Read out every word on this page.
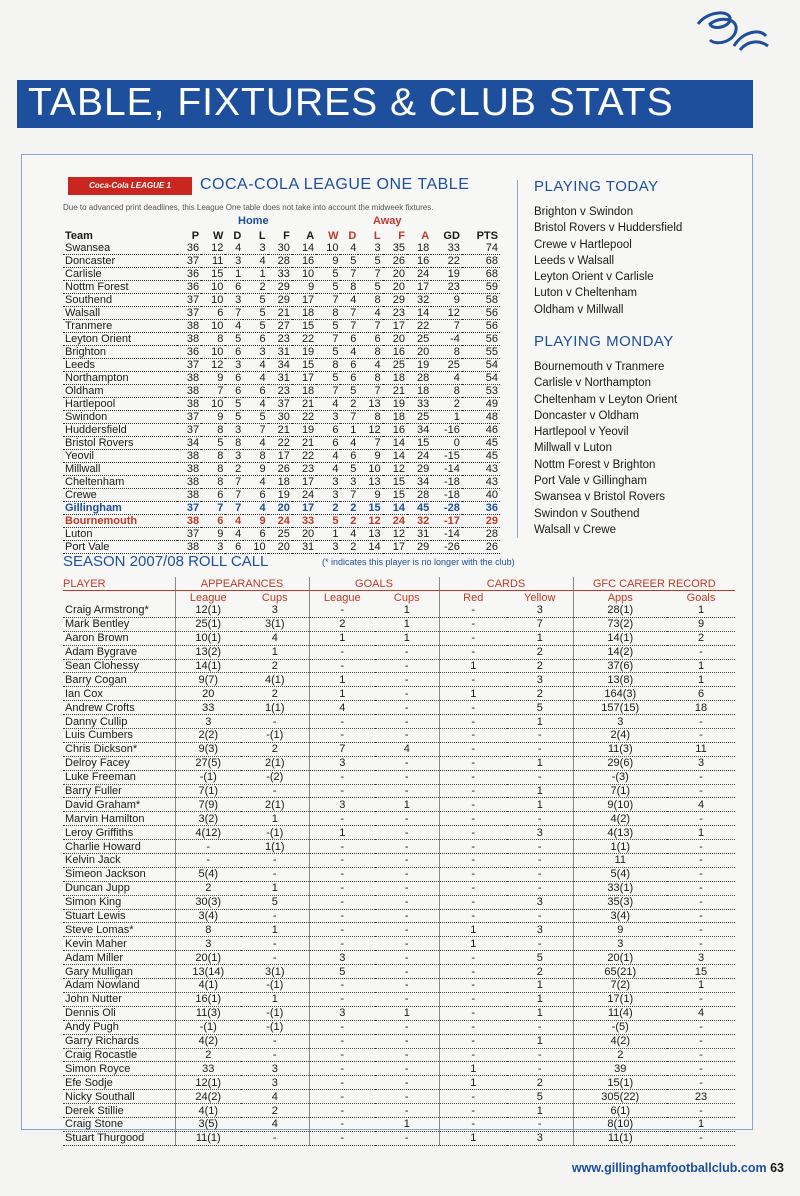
TABLE, FIXTURES & CLUB STATS
Coca-Cola LEAGUE 1	COCA-COLA LEAGUE ONE TABLE
Due to advanced print deadlines, this League One table does not take into account the midweek fixtures.
Home	Away
Team	P	W	D	L	F	A	W	D	L	F	A	GD	PTS
Swansea	36	12	4	3	30	14	10	4	3	35	18	33	74
Doncaster	37	11	3	4	28	16	9	5	5	26	16	22	68
Carlisle	36	15	1	1	33	10	5	7	7	20	24	19	68
Nottm Forest	36	10	6	2	29	9	5	8	5	20	17	23	59
Southend	37	10	3	5	29	17	7	4	8	29	32	9	58
Walsall	37	6	7	5	21	18	8	7	4	23	14	12	56
Tranmere	38	10	4	5	27	15	5	7	7	17	22	7	56
Leyton Orient	38	8	5	6	23	22	7	6	6	20	25	-4	56
Brighton	36	10	6	3	31	19	5	4	8	16	20	8	55
Leeds	37	12	3	4	34	15	8	6	4	25	19	25	54
Northampton	38	9	6	4	31	17	5	6	8	18	28	4	54
Oldham	38	7	6	6	23	18	7	5	7	21	18	8	53
Hartlepool	38	10	5	4	37	21	4	2	13	19	33	2	49
Swindon	37	9	5	5	30	22	3	7	8	18	25	1	48
Huddersfield	37	8	3	7	21	19	6	1	12	16	34	-16	46
Bristol Rovers	34	5	8	4	22	21	6	4	7	14	15	0	45
Yeovil	38	8	3	8	17	22	4	6	9	14	24	-15	45
Millwall	38	8	2	9	26	23	4	5	10	12	29	-14	43
Cheltenham	38	8	7	4	18	17	3	3	13	15	34	-18	43
Crewe	38	6	7	6	19	24	3	7	9	15	28	-18	40
Gillingham	37	7	7	4	20	17	2	2	15	14	45	-28	36
Bournemouth	38	6	4	9	24	33	5	2	12	24	32	-17	29
Luton	37	9	4	6	25	20	1	4	13	12	31	-14	28
Port Vale	38	3	6	10	20	31	3	2	14	17	29	-26	26
PLAYING TODAY
Brighton v Swindon
Bristol Rovers v Huddersfield
Crewe v Hartlepool
Leeds v Walsall
Leyton Orient v Carlisle
Luton v Cheltenham
Oldham v Millwall
PLAYING MONDAY
Bournemouth v Tranmere
Carlisle v Northampton
Cheltenham v Leyton Orient
Doncaster v Oldham
Hartlepool v Yeovil
Millwall v Luton
Nottm Forest v Brighton
Port Vale v Gillingham
Swansea v Bristol Rovers
Swindon v Southend
Walsall v Crewe
SEASON 2007/08 ROLL CALL	(* indicates this player is no longer with the club)
PLAYER	APPEARANCES		GOALS		CARDS		GFC CAREER RECORD	
	League	Cups	League	Cups	Red	Yellow	Apps	Goals
Craig Armstrong*	12(1)	3	-	1	-	3	28(1)	1
Mark Bentley	25(1)	3(1)	2	1	-	7	73(2)	9
Aaron Brown	10(1)	4	1	1	-	1	14(1)	2
Adam Bygrave	13(2)	1	-	-	-	2	14(2)	-
Sean Clohessy	14(1)	2	-	-	1	2	37(6)	1
Barry Cogan	9(7)	4(1)	1	-	-	3	13(8)	1
Ian Cox	20	2	1	-	1	2	164(3)	6
Andrew Crofts	33	1(1)	4	-	-	5	157(15)	18
Danny Cullip	3	-	-	-	-	1	3	-
Luis Cumbers	2(2)	-(1)	-	-	-	-	2(4)	-
Chris Dickson*	9(3)	2	7	4	-	-	11(3)	11
Delroy Facey	27(5)	2(1)	3	-	-	1	29(6)	3
Luke Freeman	-(1)	-(2)	-	-	-	-	-(3)	-
Barry Fuller	7(1)	-	-	-	-	1	7(1)	-
David Graham*	7(9)	2(1)	3	1	-	1	9(10)	4
Marvin Hamilton	3(2)	1	-	-	-	-	4(2)	-
Leroy Griffiths	4(12)	-(1)	1	-	-	3	4(13)	1
Charlie Howard	-	1(1)	-	-	-	-	1(1)	-
Kelvin Jack	-	-	-	-	-	-	11	-
Simeon Jackson	5(4)	-	-	-	-	-	5(4)	-
Duncan Jupp	2	1	-	-	-	-	33(1)	-
Simon King	30(3)	5	-	-	-	3	35(3)	-
Stuart Lewis	3(4)	-	-	-	-	-	3(4)	-
Steve Lomas*	8	1	-	-	1	3	9	-
Kevin Maher	3	-	-	-	1	-	3	-
Adam Miller	20(1)	-	3	-	-	5	20(1)	3
Gary Mulligan	13(14)	3(1)	5	-	-	2	65(21)	15
Adam Nowland	4(1)	-(1)	-	-	-	1	7(2)	1
John Nutter	16(1)	1	-	-	-	1	17(1)	-
Dennis Oli	11(3)	-(1)	3	1	-	1	11(4)	4
Andy Pugh	-(1)	-(1)	-	-	-	-	-(5)	-
Garry Richards	4(2)	-	-	-	-	1	4(2)	-
Craig Rocastle	2	-	-	-	-	-	2	-
Simon Royce	33	3	-	-	1	-	39	-
Efe Sodje	12(1)	3	-	-	1	2	15(1)	-
Nicky Southall	24(2)	4	-	-	-	5	305(22)	23
Derek Stillie	4(1)	2	-	-	-	1	6(1)	-
Craig Stone	3(5)	4	-	1	-	-	8(10)	1
Stuart Thurgood	11(1)	-	-	-	1	3	11(1)	-
www.gillinghamfootballclub.com 63
